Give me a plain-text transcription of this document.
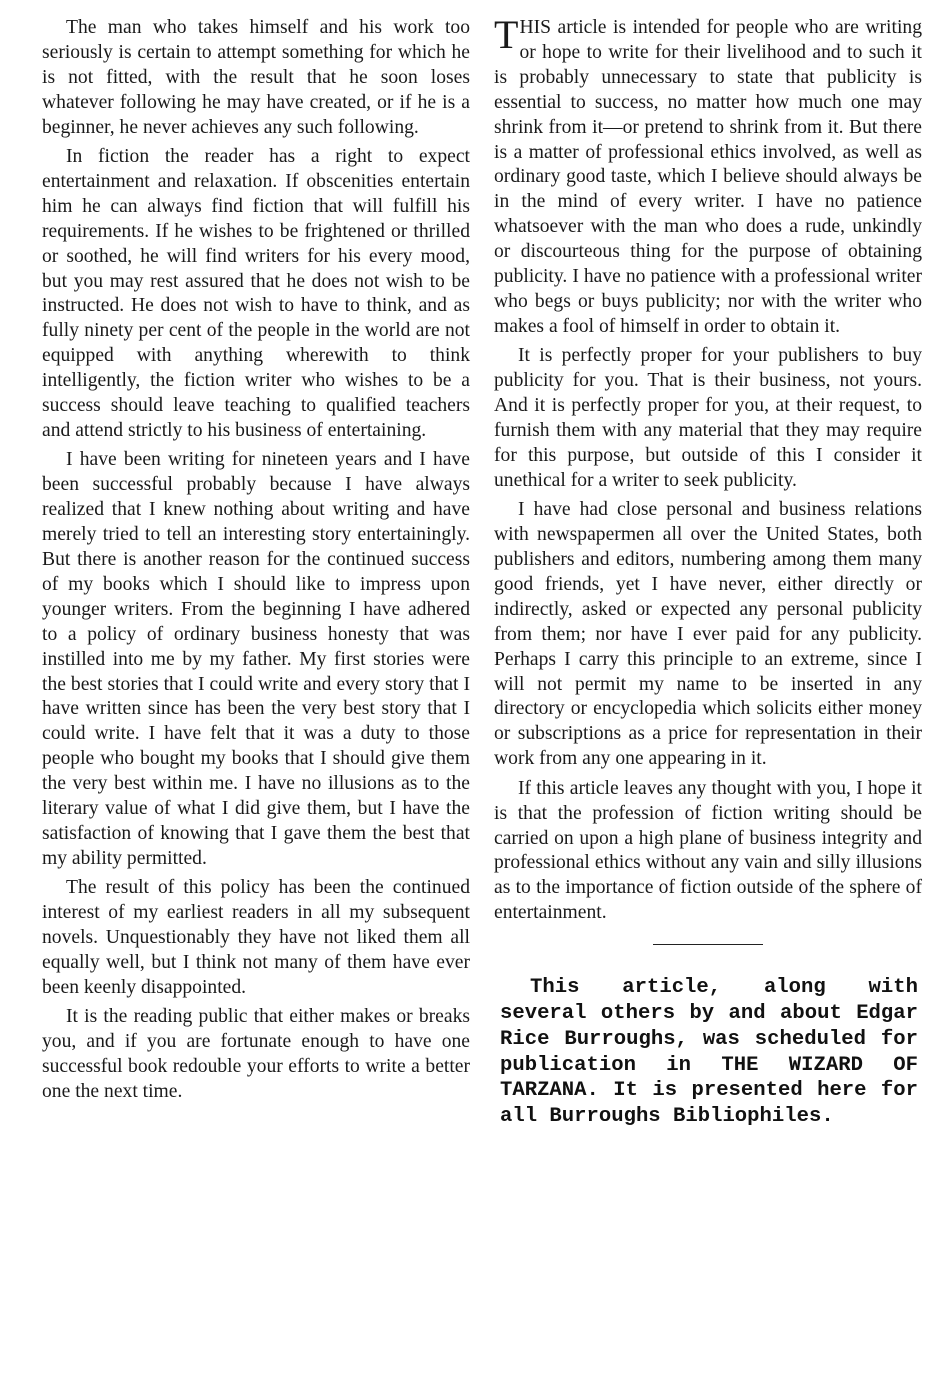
The man who takes himself and his work too seriously is certain to attempt something for which he is not fitted, with the result that he soon loses whatever following he may have created, or if he is a beginner, he never achieves any such following.

In fiction the reader has a right to expect entertainment and relaxation. If obscenities entertain him he can always find fiction that will fulfill his requirements. If he wishes to be frightened or thrilled or soothed, he will find writers for his every mood, but you may rest assured that he does not wish to be instructed. He does not wish to have to think, and as fully ninety per cent of the people in the world are not equipped with anything wherewith to think intelligently, the fiction writer who wishes to be a success should leave teaching to qualified teachers and attend strictly to his business of entertaining.

I have been writing for nineteen years and I have been successful probably because I have always realized that I knew nothing about writing and have merely tried to tell an interesting story entertainingly. But there is another reason for the continued success of my books which I should like to impress upon younger writers. From the beginning I have adhered to a policy of ordinary business honesty that was instilled into me by my father. My first stories were the best stories that I could write and every story that I have written since has been the very best story that I could write. I have felt that it was a duty to those people who bought my books that I should give them the very best within me. I have no illusions as to the literary value of what I did give them, but I have the satisfaction of knowing that I gave them the best that my ability permitted.

The result of this policy has been the continued interest of my earliest readers in all my subsequent novels. Unquestionably they have not liked them all equally well, but I think not many of them have ever been keenly disappointed.

It is the reading public that either makes or breaks you, and if you are fortunate enough to have one successful book redouble your efforts to write a better one the next time.

THIS article is intended for people who are writing or hope to write for their livelihood and to such it is probably unnecessary to state that publicity is essential to success, no matter how much one may shrink from it—or pretend to shrink from it. But there is a matter of professional ethics involved, as well as ordinary good taste, which I believe should always be in the mind of every writer. I have no patience whatsoever with the man who does a rude, unkindly or discourteous thing for the purpose of obtaining publicity. I have no patience with a professional writer who begs or buys publicity; nor with the writer who makes a fool of himself in order to obtain it.

It is perfectly proper for your publishers to buy publicity for you. That is their business, not yours. And it is perfectly proper for you, at their request, to furnish them with any material that they may require for this purpose, but outside of this I consider it unethical for a writer to seek publicity.

I have had close personal and business relations with newspapermen all over the United States, both publishers and editors, numbering among them many good friends, yet I have never, either directly or indirectly, asked or expected any personal publicity from them; nor have I ever paid for any publicity. Perhaps I carry this principle to an extreme, since I will not permit my name to be inserted in any directory or encyclopedia which solicits either money or subscriptions as a price for representation in their work from any one appearing in it.

If this article leaves any thought with you, I hope it is that the profession of fiction writing should be carried on upon a high plane of business integrity and professional ethics without any vain and silly illusions as to the importance of fiction outside of the sphere of entertainment.

This article, along with several others by and about Edgar Rice Burroughs, was scheduled for publication in THE WIZARD OF TARZANA. It is presented here for all Burroughs Bibliophiles.
